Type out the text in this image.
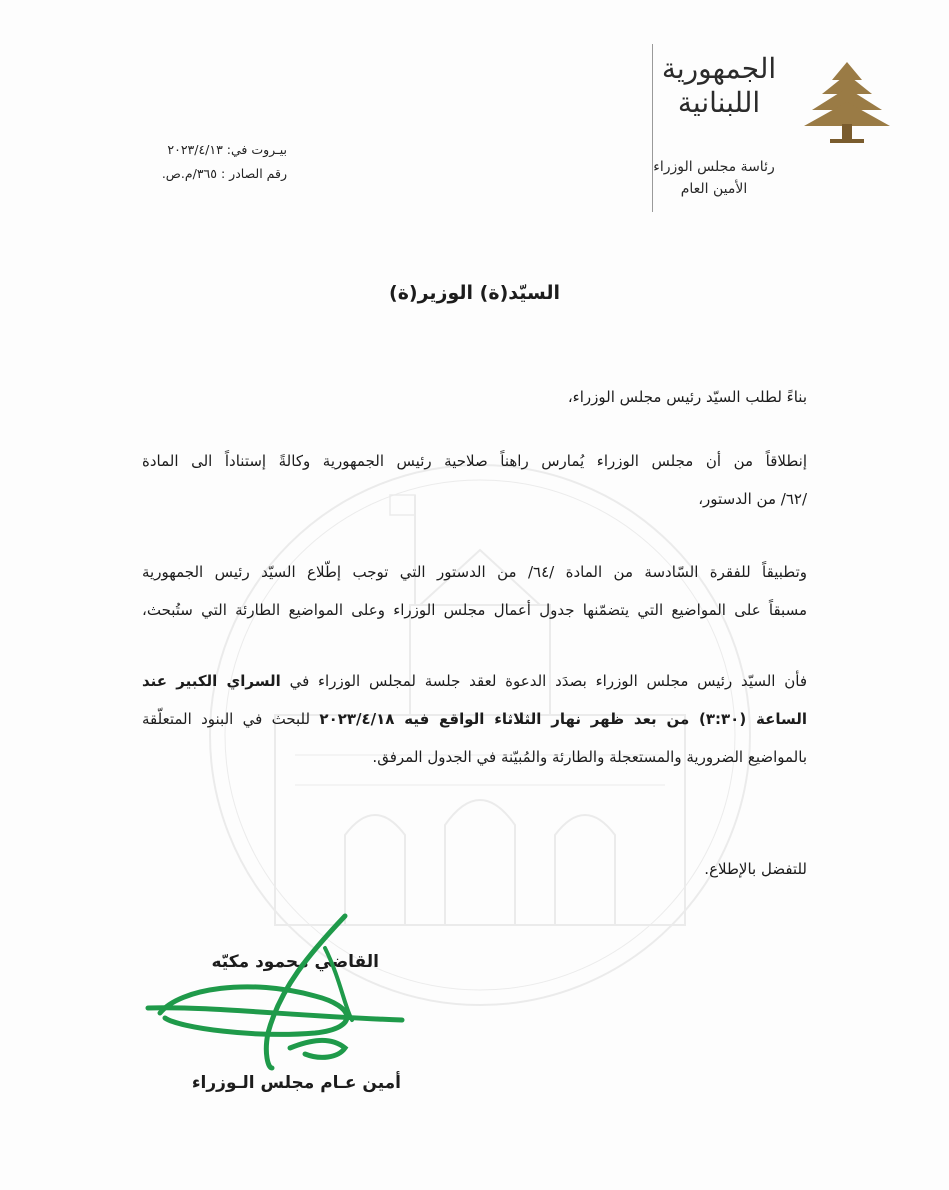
الجمهورية
اللبنانية
رئاسة مجلس الوزراء
الأمين العام
بيـروت في: ٢٠٢٣/٤/١٣
رقم الصادر : ٣٦٥/م.ص.
السيّد(ة) الوزير(ة)
بناءً لطلب السيّد رئيس مجلس الوزراء،
إنطلاقاً من أن مجلس الوزراء يُمارس راهناً صلاحية رئيس الجمهورية وكالةً إستناداً الى المادة
/٦٢/ من الدستور،
وتطبيقاً للفقرة السّادسة من المادة /٦٤/ من الدستور التي توجب إطّلاع السيّد رئيس الجمهورية
مسبقاً على المواضيع التي يتضمّنها جدول أعمال مجلس الوزراء وعلى المواضيع الطارئة التي ستُبحث،
فأن السيّد رئيس مجلس الوزراء بصدَد الدعوة لعقد جلسة لمجلس الوزراء في السراي الكبير عند
الساعة (٣:٣٠) من بعد ظهر نهار الثلاثاء الواقع فيه ٢٠٢٣/٤/١٨ للبحث في البنود المتعلّقة
بالمواضيع الضرورية والمستعجلة والطارئة والمُبيّنة في الجدول المرفق.
للتفضل بالإطلاع.
القاضي محمود مكيّه
أمين عـام مجلس الـوزراء
